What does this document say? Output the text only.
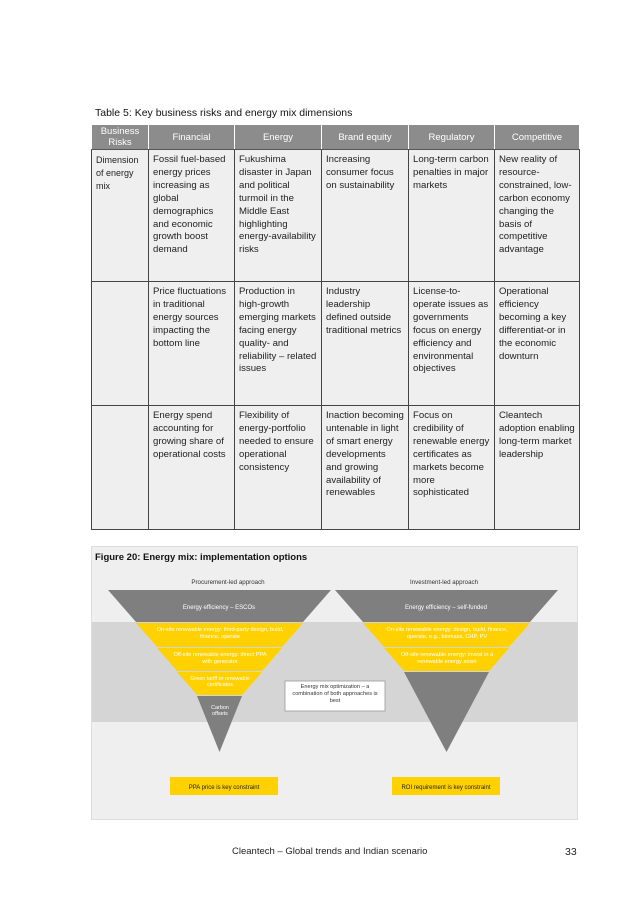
Table 5: Key business risks and energy mix dimensions
Business Risks	Financial	Energy	Brand equity	Regulatory	Competitive
Dimension of energy mix	Fossil fuel-based energy prices increasing as global demographics and economic growth boost demand	Fukushima disaster in Japan and political turmoil in the Middle East highlighting energy-availability risks	Increasing consumer focus on sustainability	Long-term carbon penalties in major markets	New reality of resource-constrained, low-carbon economy changing the basis of competitive advantage
	Price fluctuations in traditional energy sources impacting the bottom line	Production in high-growth emerging markets facing energy quality- and reliability – related issues	Industry leadership defined outside traditional metrics	License-to-operate issues as governments focus on energy efficiency and environmental objectives	Operational efficiency becoming a key differentiat-or in the economic downturn
	Energy spend accounting for growing share of operational costs	Flexibility of energy-portfolio needed to ensure operational consistency	Inaction becoming untenable in light of smart energy developments and growing availability of renewables	Focus on credibility of renewable energy certificates as markets become more sophisticated	Cleantech adoption enabling long-term market leadership
Figure 20: Energy mix: implementation options
Procurement-led approach	Investment-led approach
Energy efficiency – ESCOs
On-site renewable energy: third-party design, build, finance, operate
Off-site renewable energy: direct PPA with generator
Green tariff or renewable certificates
Carbon offsets
Energy efficiency – self-funded
On-site renewable energy: design, build, finance, operate, e.g., biomass, CHP, PV
Off-site renewable energy: invest in a renewable energy asset
Energy mix optimization – a combination of both approaches is best
PPA price is key constraint	ROI requirement is key constraint
Cleantech – Global trends and Indian scenario	33
